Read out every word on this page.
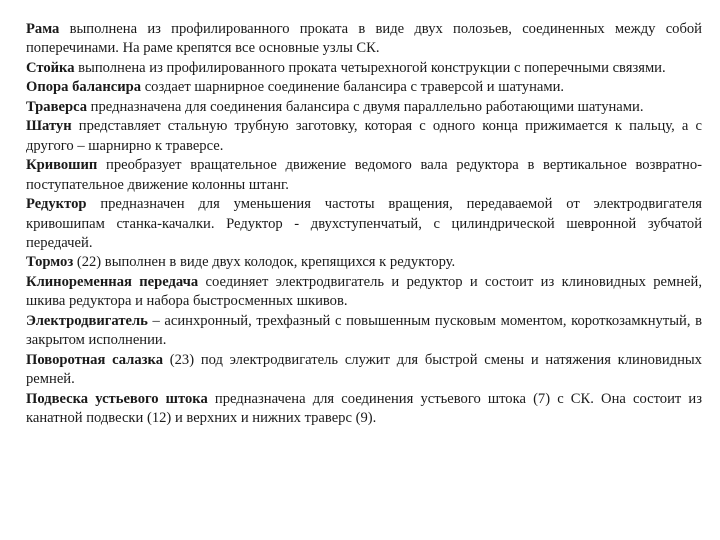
Рама выполнена из профилированного проката в виде двух полозьев, соединенных между собой поперечинами. На раме крепятся все основные узлы СК.

Стойка выполнена из профилированного проката четырехногой конструкции с поперечными связями.

Опора балансира создает шарнирное соединение балансира с траверсой и шатунами.

Траверса предназначена для соединения балансира с двумя параллельно работающими шатунами.

Шатун представляет стальную трубную заготовку, которая с одного конца прижимается к пальцу, а с другого – шарнирно к траверсе.

Кривошип преобразует вращательное движение ведомого вала редуктора в вертикальное возвратно-поступательное движение колонны штанг.

Редуктор предназначен для уменьшения частоты вращения, передаваемой от электродвигателя кривошипам станка-качалки. Редуктор - двухступенчатый, с цилиндрической шевронной зубчатой передачей.

Тормоз (22) выполнен в виде двух колодок, крепящихся к редуктору.

Клиноременная передача соединяет электродвигатель и редуктор и состоит из клиновидных ремней, шкива редуктора и набора быстросменных шкивов.

Электродвигатель – асинхронный, трехфазный с повышенным пусковым моментом, короткозамкнутый, в закрытом исполнении.

Поворотная салазка (23) под электродвигатель служит для быстрой смены и натяжения клиновидных ремней.

Подвеска устьевого штока предназначена для соединения устьевого штока (7) с СК. Она состоит из канатной подвески (12) и верхних и нижних траверс (9).
